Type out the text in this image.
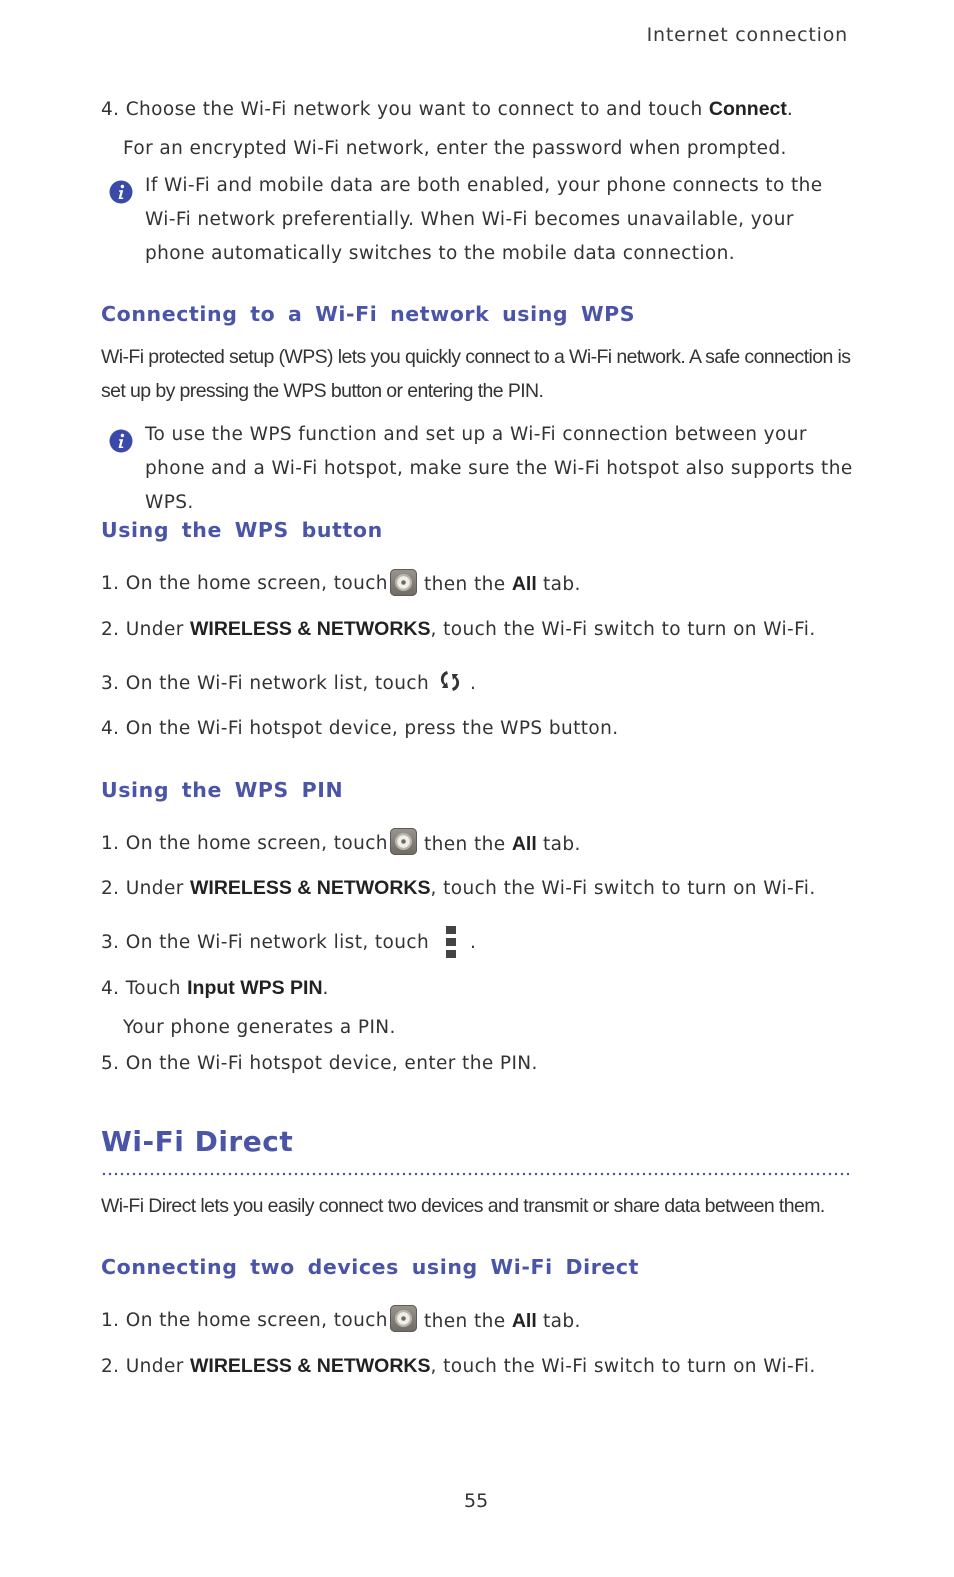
Internet connection
4. Choose the Wi-Fi network you want to connect to and touch Connect.
For an encrypted Wi-Fi network, enter the password when prompted.
If Wi-Fi and mobile data are both enabled, your phone connects to the Wi-Fi network preferentially. When Wi-Fi becomes unavailable, your phone automatically switches to the mobile data connection.
Connecting to a Wi-Fi network using WPS
Wi-Fi protected setup (WPS) lets you quickly connect to a Wi-Fi network. A safe connection is set up by pressing the WPS button or entering the PIN.
To use the WPS function and set up a Wi-Fi connection between your phone and a Wi-Fi hotspot, make sure the Wi-Fi hotspot also supports the WPS.
Using the WPS button
1. On the home screen, touch then the All tab.
2. Under WIRELESS & NETWORKS, touch the Wi-Fi switch to turn on Wi-Fi.
3. On the Wi-Fi network list, touch .
4. On the Wi-Fi hotspot device, press the WPS button.
Using the WPS PIN
1. On the home screen, touch then the All tab.
2. Under WIRELESS & NETWORKS, touch the Wi-Fi switch to turn on Wi-Fi.
3. On the Wi-Fi network list, touch .
4. Touch Input WPS PIN.
Your phone generates a PIN.
5. On the Wi-Fi hotspot device, enter the PIN.
Wi-Fi Direct
Wi-Fi Direct lets you easily connect two devices and transmit or share data between them.
Connecting two devices using Wi-Fi Direct
1. On the home screen, touch then the All tab.
2. Under WIRELESS & NETWORKS, touch the Wi-Fi switch to turn on Wi-Fi.
55
